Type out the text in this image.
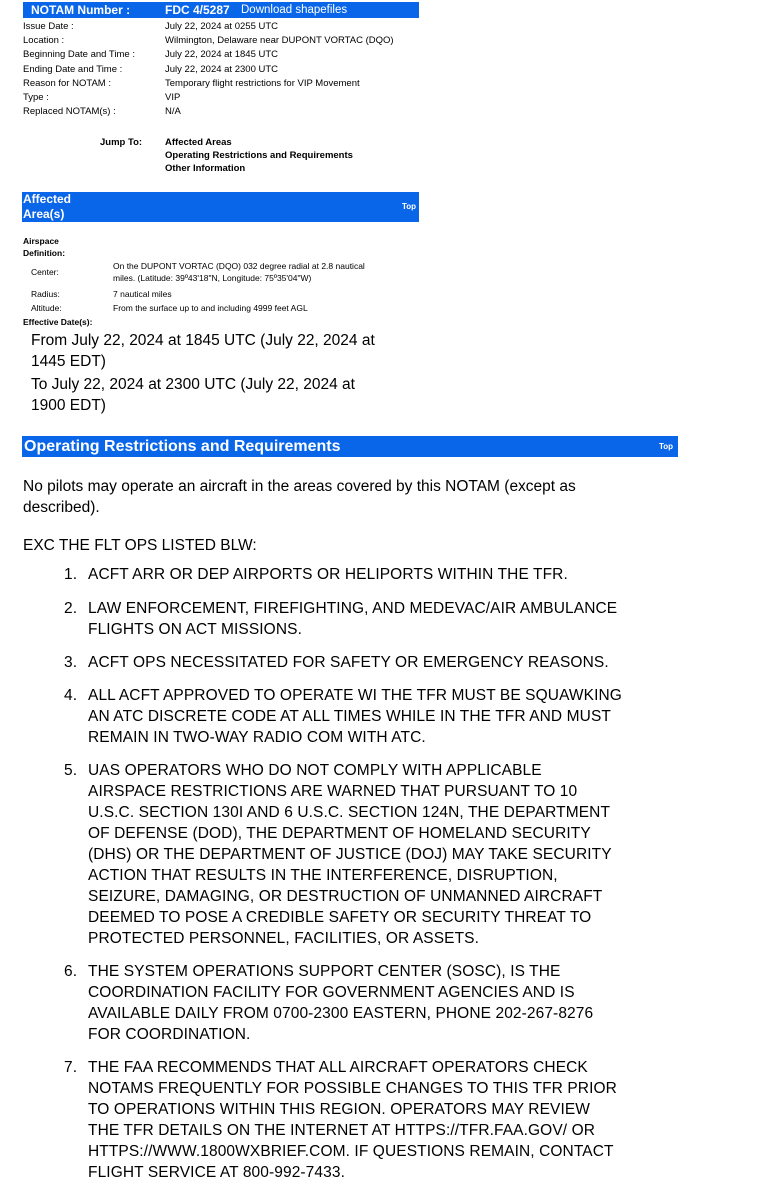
NOTAM Number :	FDC 4/5287 Download shapefiles
Issue Date :	July 22, 2024 at 0255 UTC
Location :	Wilmington, Delaware near DUPONT VORTAC (DQO)
Beginning Date and Time :	July 22, 2024 at 1845 UTC
Ending Date and Time :	July 22, 2024 at 2300 UTC
Reason for NOTAM :	Temporary flight restrictions for VIP Movement
Type :	VIP
Replaced NOTAM(s) :	N/A
Jump To: Affected Areas
Operating Restrictions and Requirements
Other Information
Affected
Area(s)
Top
Airspace
Definition:
Center:
On the DUPONT VORTAC (DQO) 032 degree radial at 2.8 nautical
miles. (Latitude: 39º43'18"N, Longitude: 75º35'04"W)
Radius:	7 nautical miles
Altitude:	From the surface up to and including 4999 feet AGL
Effective Date(s):
From July 22, 2024 at 1845 UTC (July 22, 2024 at
1445 EDT)
To July 22, 2024 at 2300 UTC (July 22, 2024 at
1900 EDT)
Operating Restrictions and Requirements	Top
No pilots may operate an aircraft in the areas covered by this NOTAM (except as
described).
EXC THE FLT OPS LISTED BLW:
1. ACFT ARR OR DEP AIRPORTS OR HELIPORTS WITHIN THE TFR.
2. LAW ENFORCEMENT, FIREFIGHTING, AND MEDEVAC/AIR AMBULANCE
FLIGHTS ON ACT MISSIONS.
3. ACFT OPS NECESSITATED FOR SAFETY OR EMERGENCY REASONS.
4. ALL ACFT APPROVED TO OPERATE WI THE TFR MUST BE SQUAWKING
AN ATC DISCRETE CODE AT ALL TIMES WHILE IN THE TFR AND MUST
REMAIN IN TWO-WAY RADIO COM WITH ATC.
5. UAS OPERATORS WHO DO NOT COMPLY WITH APPLICABLE
AIRSPACE RESTRICTIONS ARE WARNED THAT PURSUANT TO 10
U.S.C. SECTION 130I AND 6 U.S.C. SECTION 124N, THE DEPARTMENT
OF DEFENSE (DOD), THE DEPARTMENT OF HOMELAND SECURITY
(DHS) OR THE DEPARTMENT OF JUSTICE (DOJ) MAY TAKE SECURITY
ACTION THAT RESULTS IN THE INTERFERENCE, DISRUPTION,
SEIZURE, DAMAGING, OR DESTRUCTION OF UNMANNED AIRCRAFT
DEEMED TO POSE A CREDIBLE SAFETY OR SECURITY THREAT TO
PROTECTED PERSONNEL, FACILITIES, OR ASSETS.
6. THE SYSTEM OPERATIONS SUPPORT CENTER (SOSC), IS THE
COORDINATION FACILITY FOR GOVERNMENT AGENCIES AND IS
AVAILABLE DAILY FROM 0700-2300 EASTERN, PHONE 202-267-8276
FOR COORDINATION.
7. THE FAA RECOMMENDS THAT ALL AIRCRAFT OPERATORS CHECK
NOTAMS FREQUENTLY FOR POSSIBLE CHANGES TO THIS TFR PRIOR
TO OPERATIONS WITHIN THIS REGION. OPERATORS MAY REVIEW
THE TFR DETAILS ON THE INTERNET AT HTTPS://TFR.FAA.GOV/ OR
HTTPS://WWW.1800WXBRIEF.COM. IF QUESTIONS REMAIN, CONTACT
FLIGHT SERVICE AT 800-992-7433.
